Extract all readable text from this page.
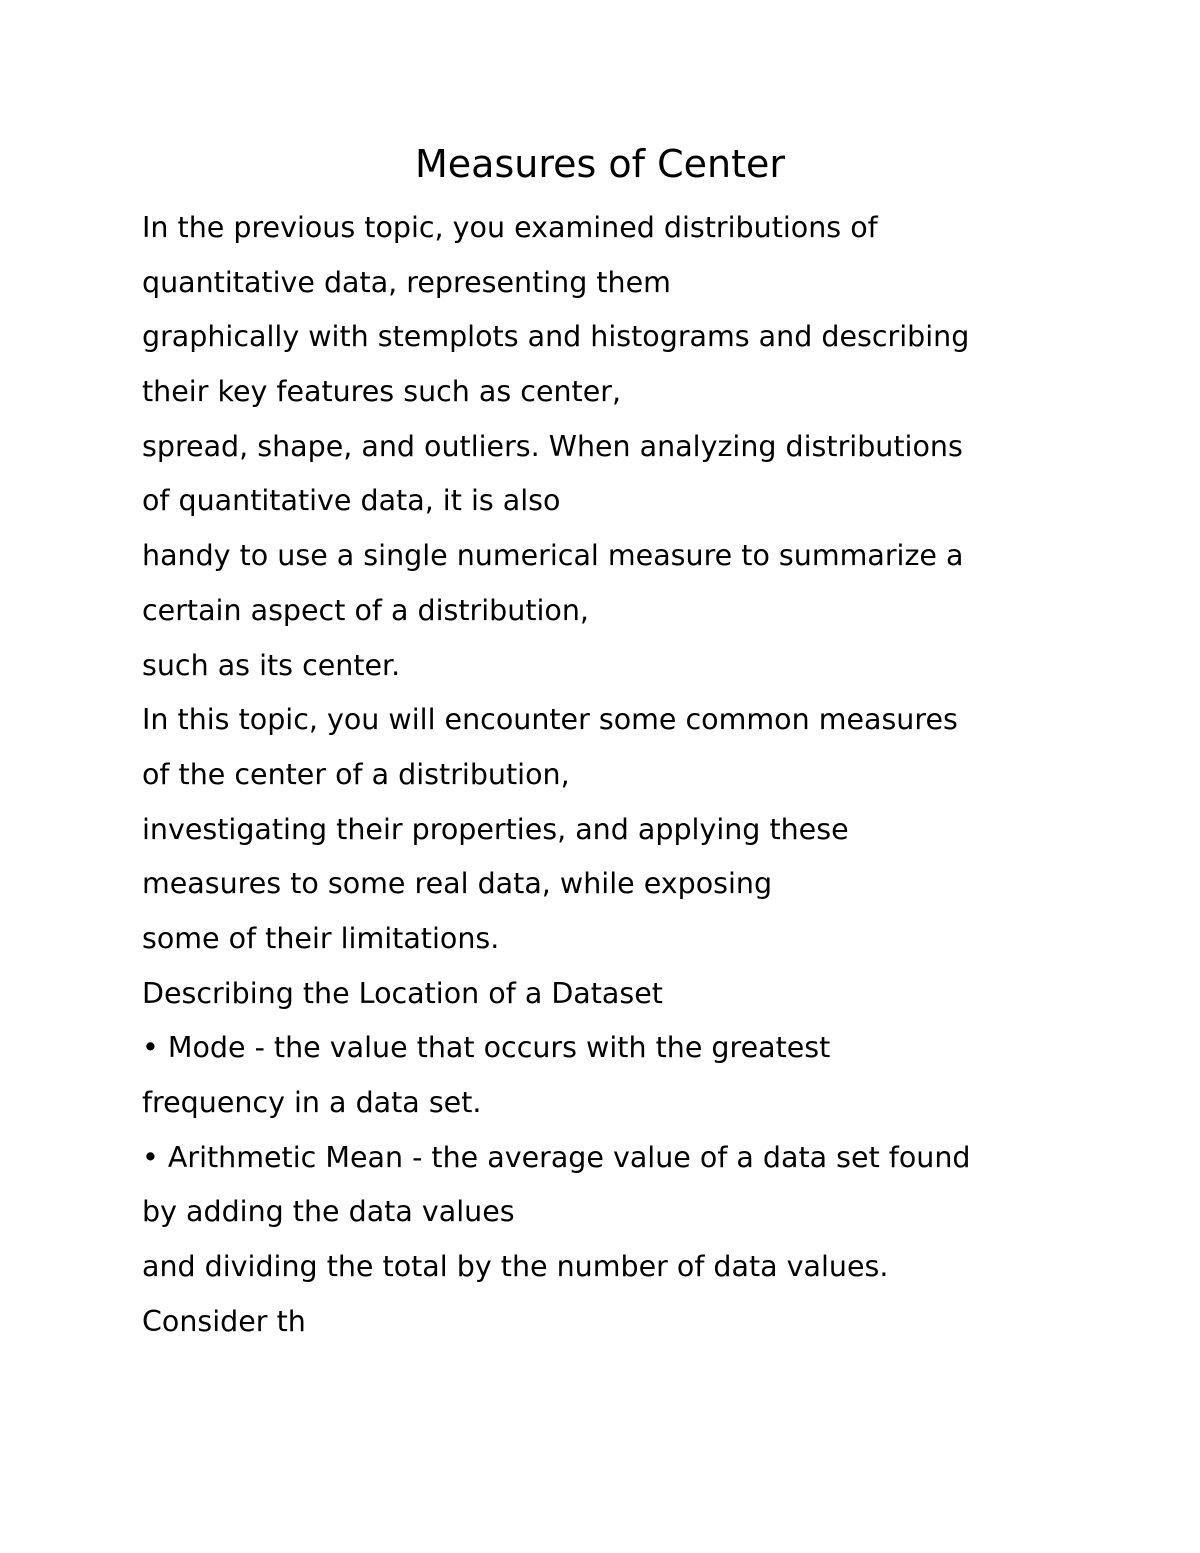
Measures of Center
In the previous topic, you examined distributions of
quantitative data, representing them
graphically with stemplots and histograms and describing
their key features such as center,
spread, shape, and outliers. When analyzing distributions
of quantitative data, it is also
handy to use a single numerical measure to summarize a
certain aspect of a distribution,
such as its center.
In this topic, you will encounter some common measures
of the center of a distribution,
investigating their properties, and applying these
measures to some real data, while exposing
some of their limitations.
Describing the Location of a Dataset
• Mode - the value that occurs with the greatest
frequency in a data set.
• Arithmetic Mean - the average value of a data set found
by adding the data values
and dividing the total by the number of data values.
Consider th
